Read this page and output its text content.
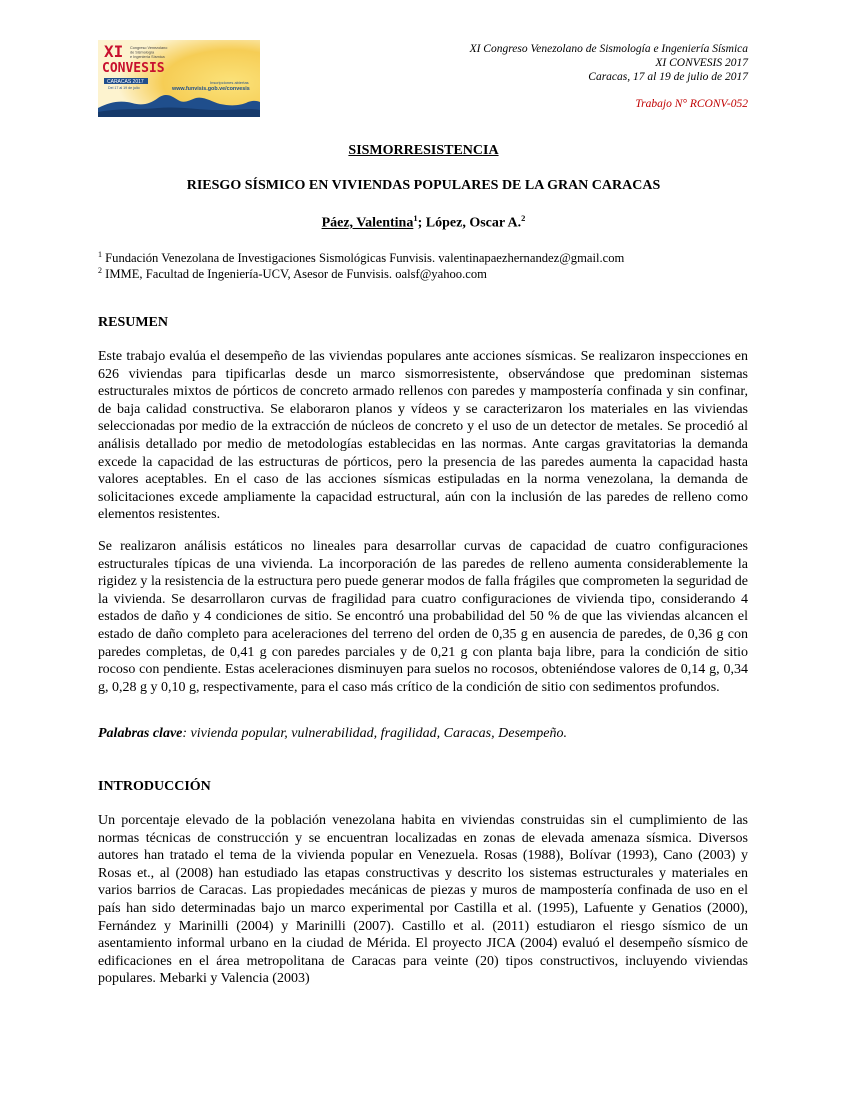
XI Congreso Venezolano
de Sismología
e Ingeniería Sísmica
CONVESIS
CARACAS 2017
Del 17 al 19 de julio
Inscripciones abiertas
www.funvisis.gob.ve/convesis
XI Congreso Venezolano de Sismología e Ingeniería Sísmica
XI CONVESIS 2017
Caracas, 17 al 19 de julio de 2017
Trabajo N° RCONV-052
SISMORRESISTENCIA
RIESGO SÍSMICO EN VIVIENDAS POPULARES DE LA GRAN CARACAS
Páez, Valentina$^1$; López, Oscar A.$^2$
$^1$ Fundación Venezolana de Investigaciones Sismológicas Funvisis. valentinapaezhernandez@gmail.com
$^2$ IMME, Facultad de Ingeniería-UCV, Asesor de Funvisis. oalsf@yahoo.com
RESUMEN
Este trabajo evalúa el desempeño de las viviendas populares ante acciones sísmicas. Se realizaron inspecciones en 626 viviendas para tipificarlas desde un marco sismorresistente, observándose que predominan sistemas estructurales mixtos de pórticos de concreto armado rellenos con paredes y mampostería confinada y sin confinar, de baja calidad constructiva. Se elaboraron planos y vídeos y se caracterizaron los materiales en las viviendas seleccionadas por medio de la extracción de núcleos de concreto y el uso de un detector de metales. Se procedió al análisis detallado por medio de metodologías establecidas en las normas. Ante cargas gravitatorias la demanda excede la capacidad de las estructuras de pórticos, pero la presencia de las paredes aumenta la capacidad hasta valores aceptables. En el caso de las acciones sísmicas estipuladas en la norma venezolana, la demanda de solicitaciones excede ampliamente la capacidad estructural, aún con la inclusión de las paredes de relleno como elementos resistentes.
Se realizaron análisis estáticos no lineales para desarrollar curvas de capacidad de cuatro configuraciones estructurales típicas de una vivienda. La incorporación de las paredes de relleno aumenta considerablemente la rigidez y la resistencia de la estructura pero puede generar modos de falla frágiles que comprometen la seguridad de la vivienda. Se desarrollaron curvas de fragilidad para cuatro configuraciones de vivienda tipo, considerando 4 estados de daño y 4 condiciones de sitio. Se encontró una probabilidad del 50 % de que las viviendas alcancen el estado de daño completo para aceleraciones del terreno del orden de 0,35 g en ausencia de paredes, de 0,36 g con paredes completas, de 0,41 g con paredes parciales y de 0,21 g con planta baja libre, para la condición de sitio rocoso con pendiente. Estas aceleraciones disminuyen para suelos no rocosos, obteniéndose valores de 0,14 g, 0,34 g, 0,28 g y 0,10 g, respectivamente, para el caso más crítico de la condición de sitio con sedimentos profundos.
Palabras clave: vivienda popular, vulnerabilidad, fragilidad, Caracas, Desempeño.
INTRODUCCIÓN
Un porcentaje elevado de la población venezolana habita en viviendas construidas sin el cumplimiento de las normas técnicas de construcción y se encuentran localizadas en zonas de elevada amenaza sísmica. Diversos autores han tratado el tema de la vivienda popular en Venezuela. Rosas (1988), Bolívar (1993), Cano (2003) y Rosas et., al (2008) han estudiado las etapas constructivas y descrito los sistemas estructurales y materiales en varios barrios de Caracas. Las propiedades mecánicas de piezas y muros de mampostería confinada de uso en el país han sido determinadas bajo un marco experimental por Castilla et al. (1995), Lafuente y Genatios (2000), Fernández y Marinilli (2004) y Marinilli (2007). Castillo et al. (2011) estudiaron el riesgo sísmico de un asentamiento informal urbano en la ciudad de Mérida. El proyecto JICA (2004) evaluó el desempeño sísmico de edificaciones en el área metropolitana de Caracas para veinte (20) tipos constructivos, incluyendo viviendas populares. Mebarki y Valencia (2003)
